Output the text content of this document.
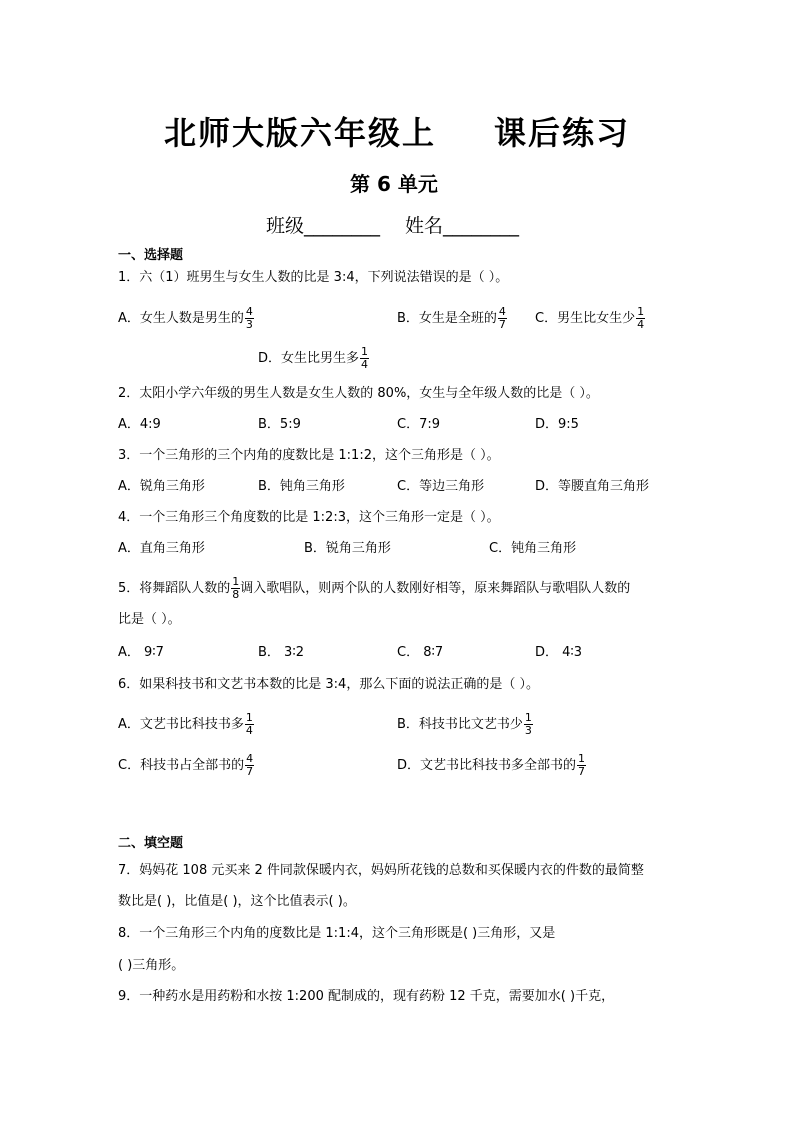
北师大版六年级上 课后练习
第 6 单元
班级________ 姓名________
一、选择题
1．六（1）班男生与女生人数的比是 3:4，下列说法错误的是（ ）。
A．女生人数是男生的 $\frac{4}{3}$	B．女生是全班的 $\frac{4}{7}$ C．男生比女生少 $\frac{1}{4}$
D．女生比男生多 $\frac{1}{4}$
2．太阳小学六年级的男生人数是女生人数的 80%，女生与全年级人数的比是（ ）。
A．4:9	B．5:9	C．7:9	D．9:5
3．一个三角形的三个内角的度数比是 1:1:2，这个三角形是（ ）。
A．锐角三角形	B．钝角三角形	C．等边三角形	D．等腰直角三角形
4．一个三角形三个角度数的比是 1:2:3，这个三角形一定是（ ）。
A．直角三角形	B．锐角三角形	C．钝角三角形
5．将舞蹈队人数的 $\frac{1}{8}$ 调入歌唱队，则两个队的人数刚好相等，原来舞蹈队与歌唱队人数的
比是（ ）。
A． 9∶7	B． 3∶2	C． 8∶7	D． 4∶3
6．如果科技书和文艺书本数的比是 3:4，那么下面的说法正确的是（ ）。
A．文艺书比科技书多 $\frac{1}{4}$	B．科技书比文艺书少 $\frac{1}{3}$
C．科技书占全部书的 $\frac{4}{7}$	D．文艺书比科技书多全部书的 $\frac{1}{7}$
二、填空题
7．妈妈花 108 元买来 2 件同款保暖内衣，妈妈所花钱的总数和买保暖内衣的件数的最简整
数比是( )，比值是( )，这个比值表示( )。
8．一个三角形三个内角的度数比是 1:1:4，这个三角形既是( )三角形，又是
( )三角形。
9．一种药水是用药粉和水按 1:200 配制成的，现有药粉 12 千克，需要加水( )千克，
